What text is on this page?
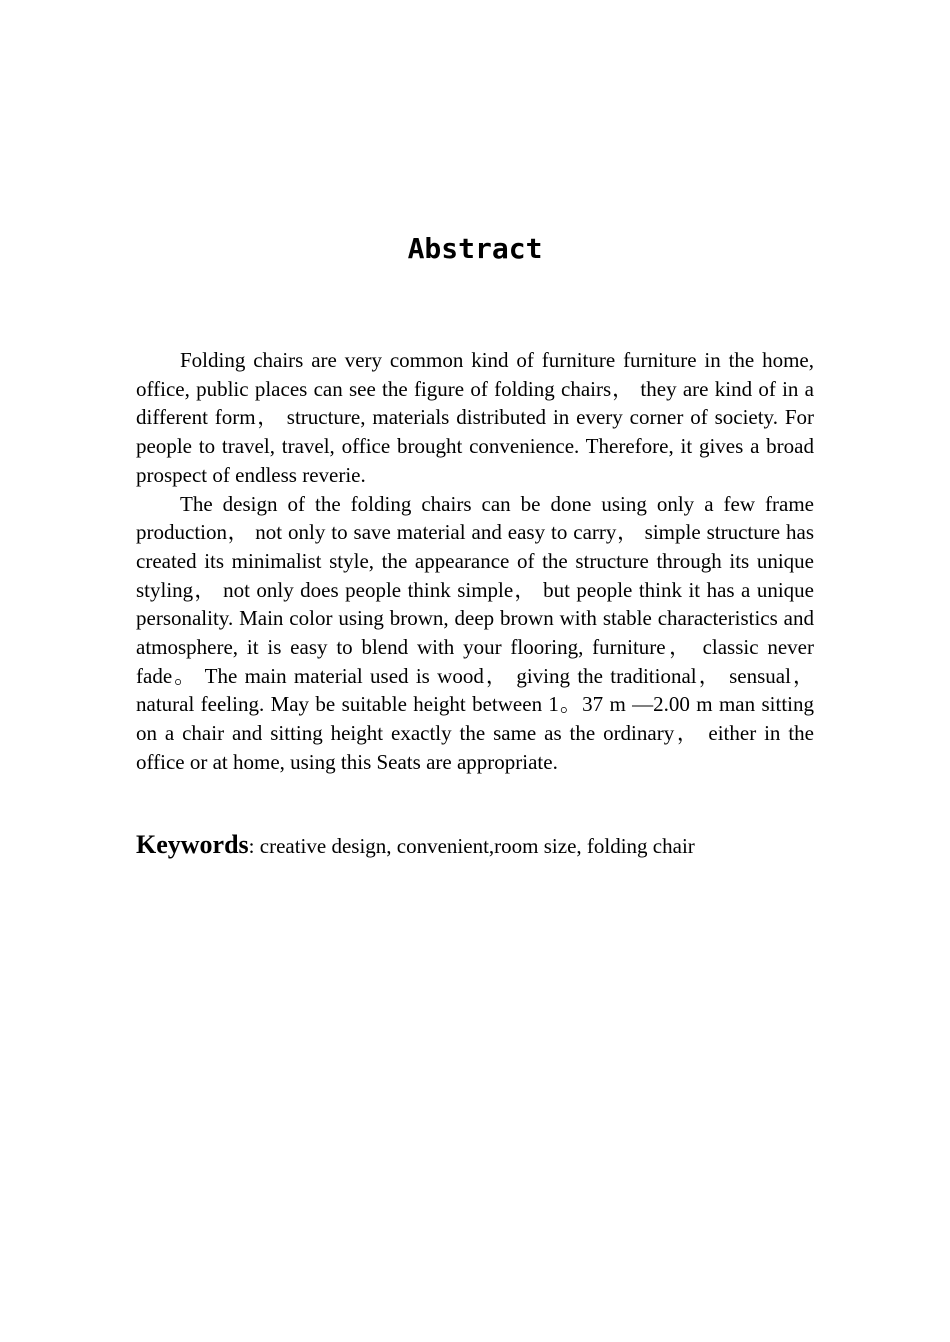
Abstract

Folding chairs are very common kind of furniture furniture in the home, office, public places can see the figure of folding chairs， they are kind of in a different form， structure, materials distributed in every corner of society. For people to travel, travel, office brought convenience. Therefore, it gives a broad prospect of endless reverie.

The design of the folding chairs can be done using only a few frame production， not only to save material and easy to carry， simple structure has created its minimalist style, the appearance of the structure through its unique styling， not only does people think simple， but people think it has a unique personality. Main color using brown, deep brown with stable characteristics and atmosphere, it is easy to blend with your flooring, furniture， classic never fade。 The main material used is wood， giving the traditional， sensual， natural feeling. May be suitable height between 1。37 m —2.00 m man sitting on a chair and sitting height exactly the same as the ordinary， either in the office or at home, using this Seats are appropriate.

Keywords: creative design, convenient,room size, folding chair
